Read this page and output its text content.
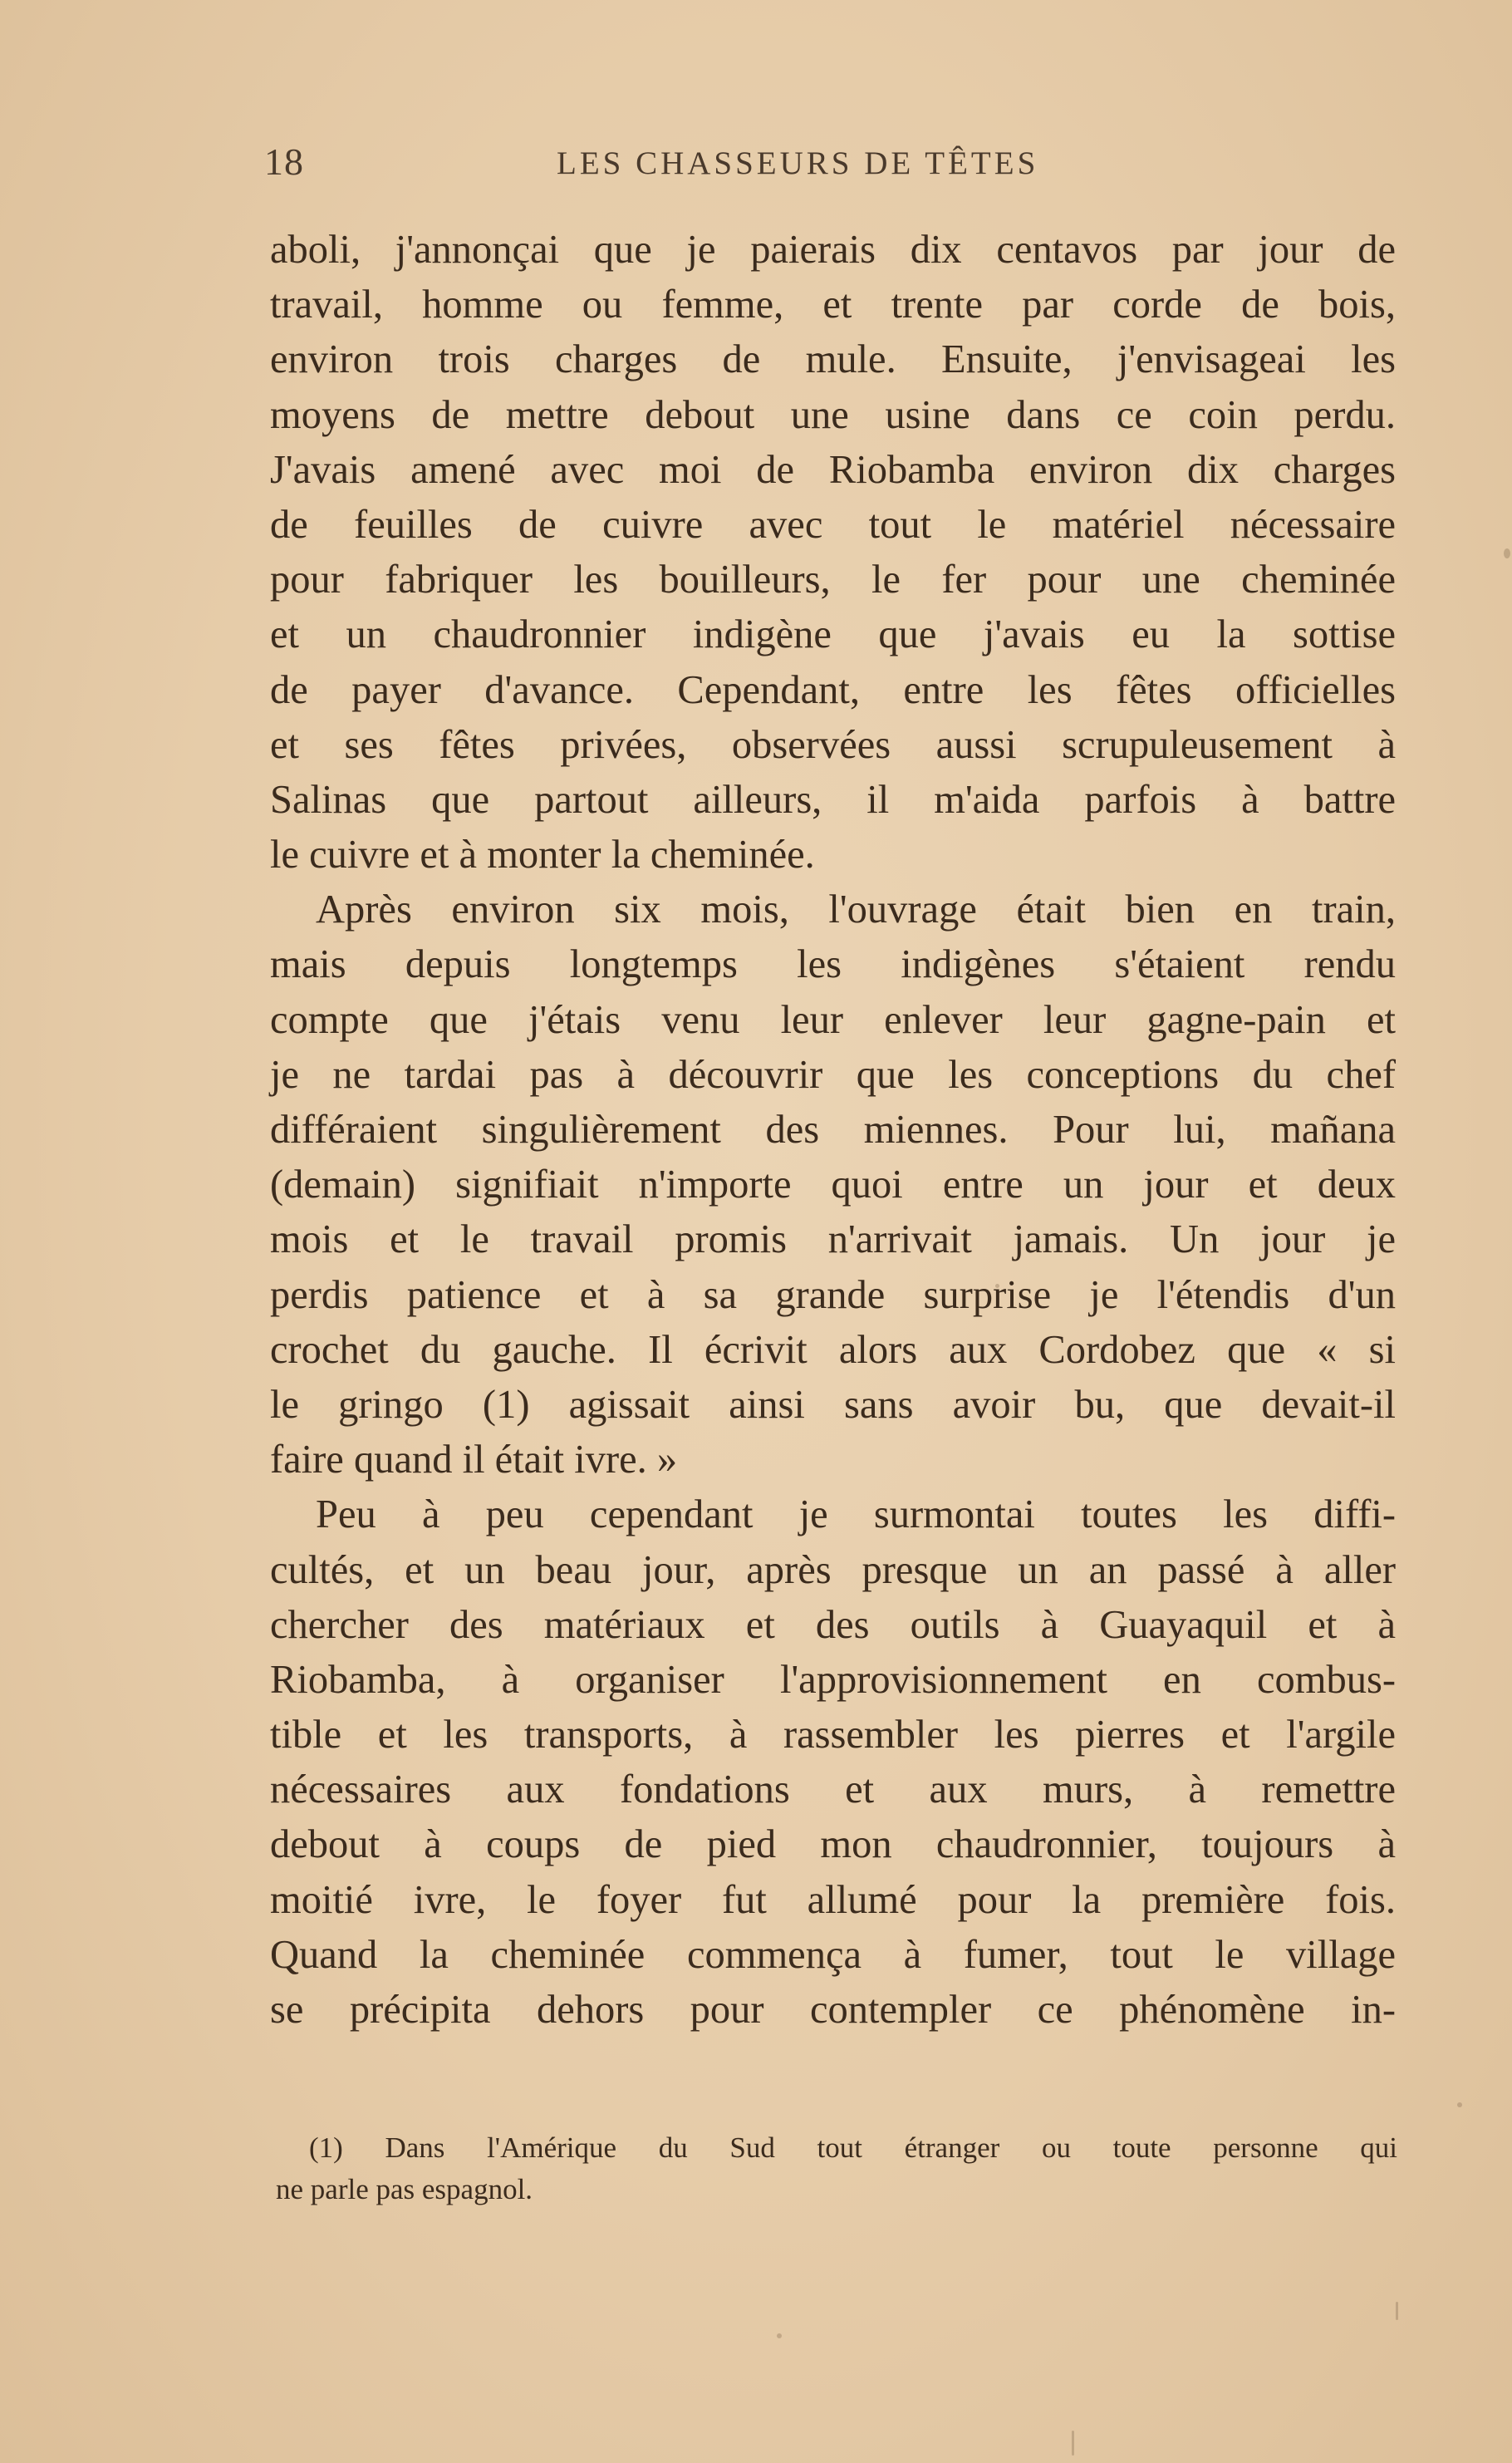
18	LES CHASSEURS DE TÊTES
aboli, j'annonçai que je paierais dix centavos par jour de
travail, homme ou femme, et trente par corde de bois,
environ trois charges de mule. Ensuite, j'envisageai les
moyens de mettre debout une usine dans ce coin perdu.
J'avais amené avec moi de Riobamba environ dix charges
de feuilles de cuivre avec tout le matériel nécessaire
pour fabriquer les bouilleurs, le fer pour une cheminée
et un chaudronnier indigène que j'avais eu la sottise
de payer d'avance. Cependant, entre les fêtes officielles
et ses fêtes privées, observées aussi scrupuleusement à
Salinas que partout ailleurs, il m'aida parfois à battre
le cuivre et à monter la cheminée.
Après environ six mois, l'ouvrage était bien en train,
mais depuis longtemps les indigènes s'étaient rendu
compte que j'étais venu leur enlever leur gagne-pain et
je ne tardai pas à découvrir que les conceptions du chef
différaient singulièrement des miennes. Pour lui, mañana
(demain) signifiait n'importe quoi entre un jour et deux
mois et le travail promis n'arrivait jamais. Un jour je
perdis patience et à sa grande surprise je l'étendis d'un
crochet du gauche. Il écrivit alors aux Cordobez que « si
le gringo (1) agissait ainsi sans avoir bu, que devait-il
faire quand il était ivre. »
Peu à peu cependant je surmontai toutes les diffi-
cultés, et un beau jour, après presque un an passé à aller
chercher des matériaux et des outils à Guayaquil et à
Riobamba, à organiser l'approvisionnement en combus-
tible et les transports, à rassembler les pierres et l'argile
nécessaires aux fondations et aux murs, à remettre
debout à coups de pied mon chaudronnier, toujours à
moitié ivre, le foyer fut allumé pour la première fois.
Quand la cheminée commença à fumer, tout le village
se précipita dehors pour contempler ce phénomène in-
(1) Dans l'Amérique du Sud tout étranger ou toute personne qui
ne parle pas espagnol.
